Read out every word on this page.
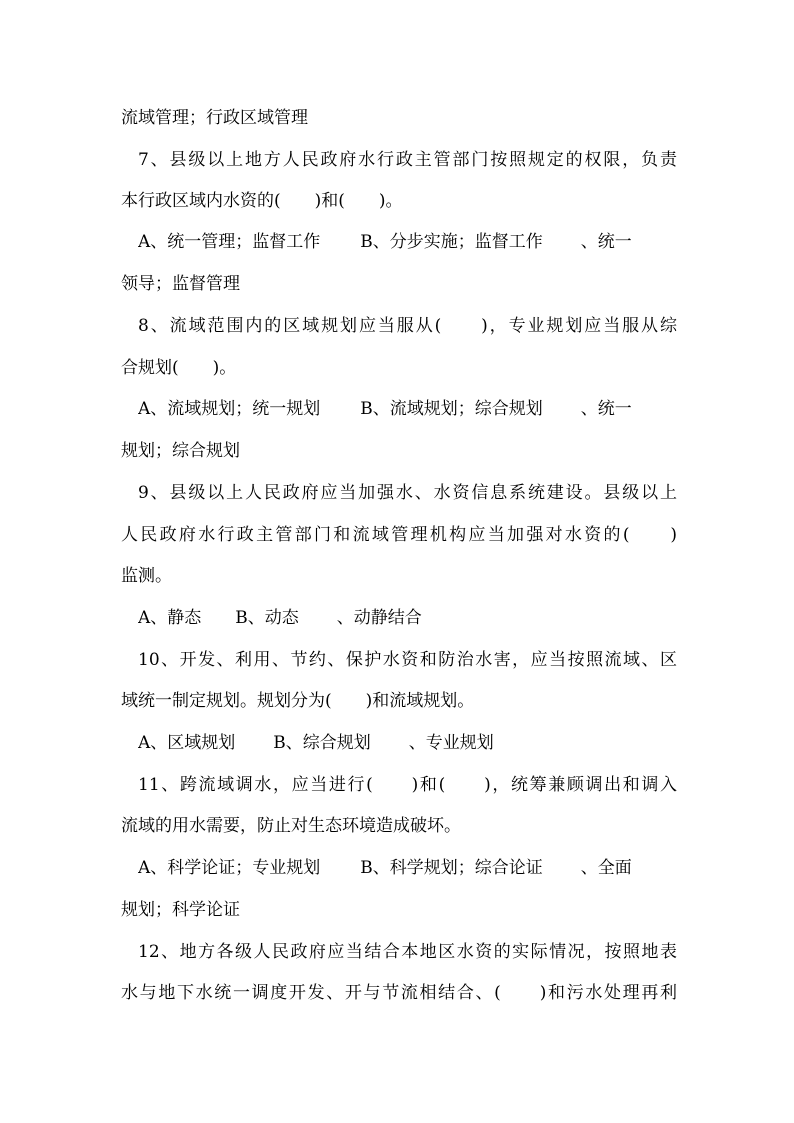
流域管理；行政区域管理
7、县级以上地方人民政府水行政主管部门按照规定的权限，负责
本行政区域内水资的(　　)和(　　)。
A、统一管理；监督工作 B、分步实施；监督工作 、统一
领导；监督管理
8、流域范围内的区域规划应当服从(　　)，专业规划应当服从综
合规划(　　)。
A、流域规划；统一规划 B、流域规划；综合规划 、统一
规划；综合规划
9、县级以上人民政府应当加强水、水资信息系统建设。县级以上
人民政府水行政主管部门和流域管理机构应当加强对水资的(　　)
监测。
A、静态 B、动态 、动静结合
10、开发、利用、节约、保护水资和防治水害，应当按照流域、区
域统一制定规划。规划分为(　　)和流域规划。
A、区域规划 B、综合规划 、专业规划
11、跨流域调水，应当进行(　　)和(　　)，统筹兼顾调出和调入
流域的用水需要，防止对生态环境造成破坏。
A、科学论证；专业规划 B、科学规划；综合论证 、全面
规划；科学论证
12、地方各级人民政府应当结合本地区水资的实际情况，按照地表
水与地下水统一调度开发、开与节流相结合、(　　)和污水处理再利
